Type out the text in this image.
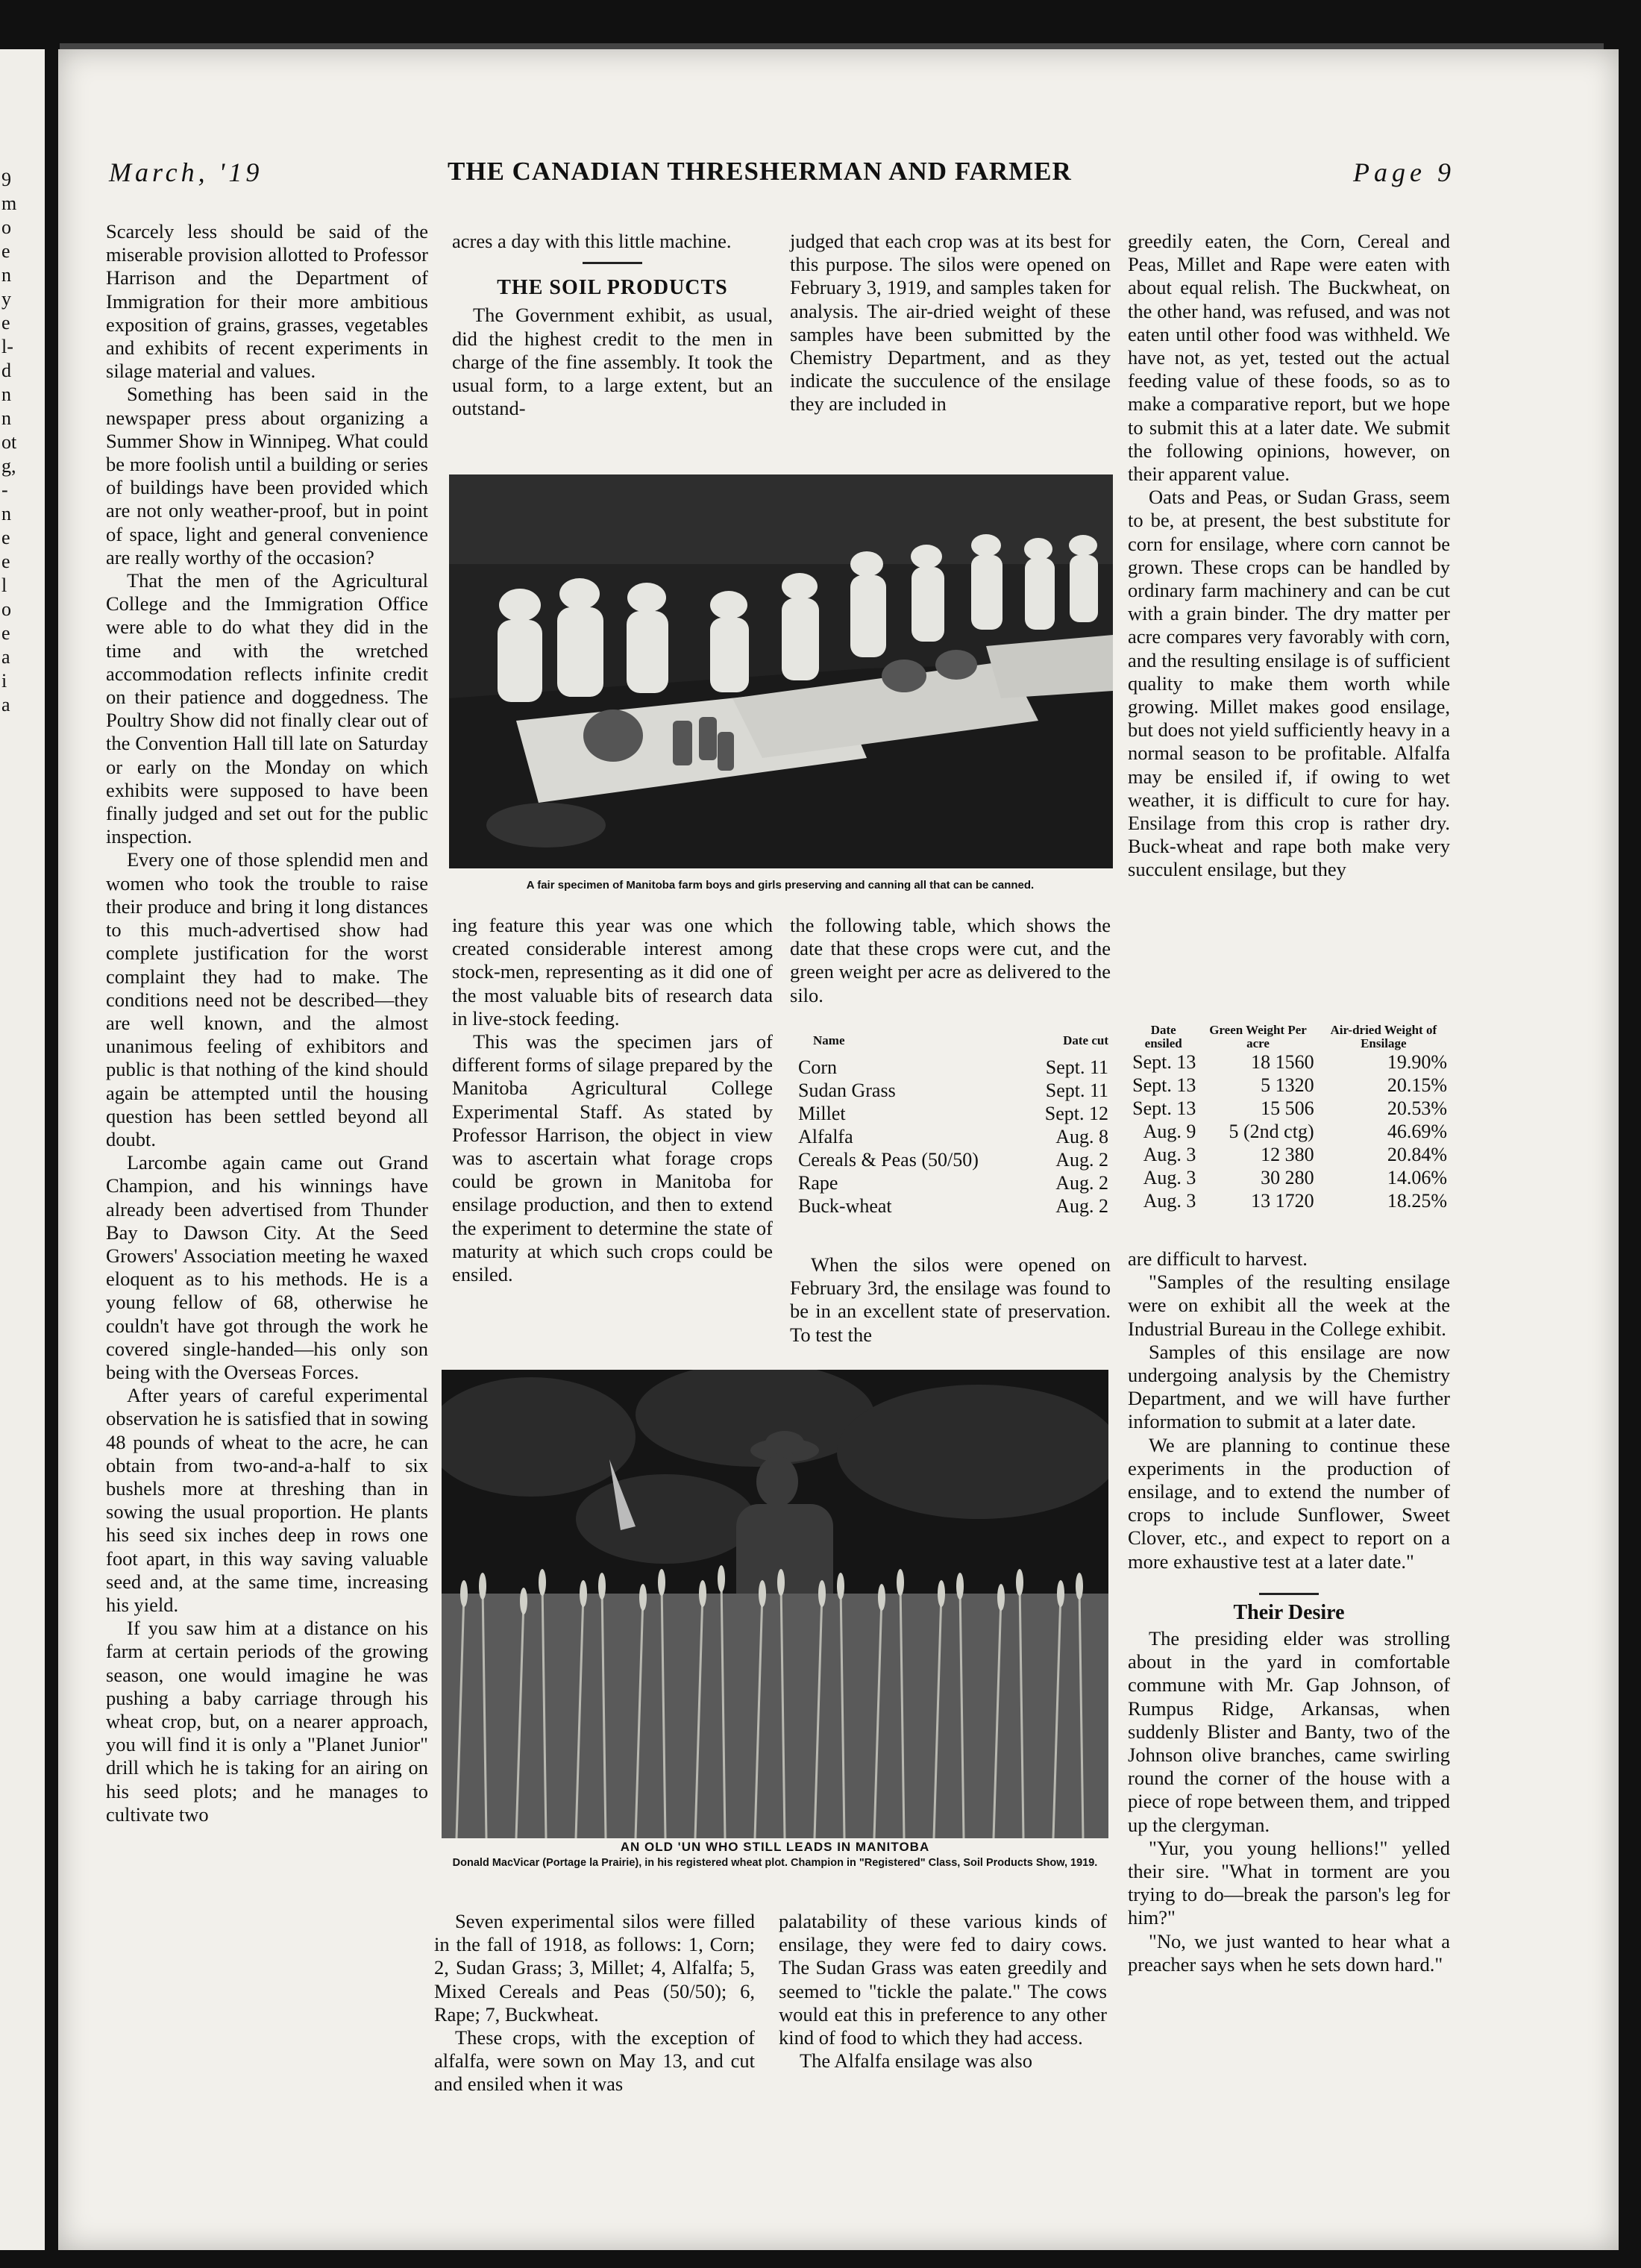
9
m
o
e
n
y
e
l-
d
n
n
ot
g,
-
n
e
e
l
o
e
a
i
a
March, '19	THE CANADIAN THRESHERMAN AND FARMER	Page 9

Scarcely less should be said of the miserable provision allotted to Professor Harrison and the Department of Immigration for their more ambitious exposition of grains, grasses, vegetables and exhibits of recent experiments in silage material and values.

Something has been said in the newspaper press about organizing a Summer Show in Winnipeg. What could be more foolish until a building or series of buildings have been provided which are not only weather-proof, but in point of space, light and general convenience are really worthy of the occasion?

That the men of the Agricultural College and the Immigration Office were able to do what they did in the time and with the wretched accommodation reflects infinite credit on their patience and doggedness. The Poultry Show did not finally clear out of the Convention Hall till late on Saturday or early on the Monday on which exhibits were supposed to have been finally judged and set out for the public inspection.

Every one of those splendid men and women who took the trouble to raise their produce and bring it long distances to this much-advertised show had complete justification for the worst complaint they had to make. The conditions need not be described—they are well known, and the almost unanimous feeling of exhibitors and public is that nothing of the kind should again be attempted until the housing question has been settled beyond all doubt.

Larcombe again came out Grand Champion, and his winnings have already been advertised from Thunder Bay to Dawson City. At the Seed Growers' Association meeting he waxed eloquent as to his methods. He is a young fellow of 68, otherwise he couldn't have got through the work he covered single-handed—his only son being with the Overseas Forces.

After years of careful experimental observation he is satisfied that in sowing 48 pounds of wheat to the acre, he can obtain from two-and-a-half to six bushels more at threshing than in sowing the usual proportion. He plants his seed six inches deep in rows one foot apart, in this way saving valuable seed and, at the same time, increasing his yield.

If you saw him at a distance on his farm at certain periods of the growing season, one would imagine he was pushing a baby carriage through his wheat crop, but, on a nearer approach, you will find it is only a "Planet Junior" drill which he is taking for an airing on his seed plots; and he manages to cultivate two

acres a day with this little machine.

THE SOIL PRODUCTS

The Government exhibit, as usual, did the highest credit to the men in charge of the fine assembly. It took the usual form, to a large extent, but an outstand-

judged that each crop was at its best for this purpose. The silos were opened on February 3, 1919, and samples taken for analysis. The air-dried weight of these samples have been submitted by the Chemistry Department, and as they indicate the succulence of the ensilage they are included in

greedily eaten, the Corn, Cereal and Peas, Millet and Rape were eaten with about equal relish. The Buckwheat, on the other hand, was refused, and was not eaten until other food was withheld. We have not, as yet, tested out the actual feeding value of these foods, so as to make a comparative report, but we hope to submit this at a later date. We submit the following opinions, however, on their apparent value.

Oats and Peas, or Sudan Grass, seem to be, at present, the best substitute for corn for ensilage, where corn cannot be grown. These crops can be handled by ordinary farm machinery and can be cut with a grain binder. The dry matter per acre compares very favorably with corn, and the resulting ensilage is of sufficient quality to make them worth while growing. Millet makes good ensilage, but does not yield sufficiently heavy in a normal season to be profitable. Alfalfa may be ensiled if, if owing to wet weather, it is difficult to cure for hay. Ensilage from this crop is rather dry. Buck-wheat and rape both make very succulent ensilage, but they

A fair specimen of Manitoba farm boys and girls preserving and canning all that can be canned.

ing feature this year was one which created considerable interest among stock-men, representing as it did one of the most valuable bits of research data in live-stock feeding.

This was the specimen jars of different forms of silage prepared by the Manitoba Agricultural College Experimental Staff. As stated by Professor Harrison, the object in view was to ascertain what forage crops could be grown in Manitoba for ensilage production, and then to extend the experiment to determine the state of maturity at which such crops could be ensiled.

the following table, which shows the date that these crops were cut, and the green weight per acre as delivered to the silo.

Name	Date cut

Corn	Sept. 11
Sudan Grass	Sept. 11
Millet	Sept. 12
Alfalfa	Aug. 8
Cereals & Peas (50/50)	Aug. 2
Rape	Aug. 2
Buck-wheat	Aug. 2
Date ensiled	Green Weight Per acre	Air-dried Weight of Ensilage
Sept. 13	18 1560	19.90%
Sept. 13	5 1320	20.15%
Sept. 13	15 506	20.53%
Aug. 9	5 (2nd ctg)	46.69%
Aug. 3	12 380	20.84%
Aug. 3	30 280	14.06%
Aug. 3	13 1720	18.25%

When the silos were opened on February 3rd, the ensilage was found to be in an excellent state of preservation. To test the

are difficult to harvest.

"Samples of the resulting ensilage were on exhibit all the week at the Industrial Bureau in the College exhibit.

Samples of this ensilage are now undergoing analysis by the Chemistry Department, and we will have further information to submit at a later date.

We are planning to continue these experiments in the production of ensilage, and to extend the number of crops to include Sunflower, Sweet Clover, etc., and expect to report on a more exhaustive test at a later date."

Their Desire

The presiding elder was strolling about in the yard in comfortable commune with Mr. Gap Johnson, of Rumpus Ridge, Arkansas, when suddenly Blister and Banty, two of the Johnson olive branches, came swirling round the corner of the house with a piece of rope between them, and tripped up the clergyman.

"Yur, you young hellions!" yelled their sire. "What in torment are you trying to do—break the parson's leg for him?"

"No, we just wanted to hear what a preacher says when he sets down hard."

AN OLD 'UN WHO STILL LEADS IN MANITOBA
Donald MacVicar (Portage la Prairie), in his registered wheat plot. Champion in "Registered" Class, Soil Products Show, 1919.

Seven experimental silos were filled in the fall of 1918, as follows: 1, Corn; 2, Sudan Grass; 3, Millet; 4, Alfalfa; 5, Mixed Cereals and Peas (50/50); 6, Rape; 7, Buckwheat.

These crops, with the exception of alfalfa, were sown on May 13, and cut and ensiled when it was

palatability of these various kinds of ensilage, they were fed to dairy cows. The Sudan Grass was eaten greedily and seemed to "tickle the palate." The cows would eat this in preference to any other kind of food to which they had access.

The Alfalfa ensilage was also
